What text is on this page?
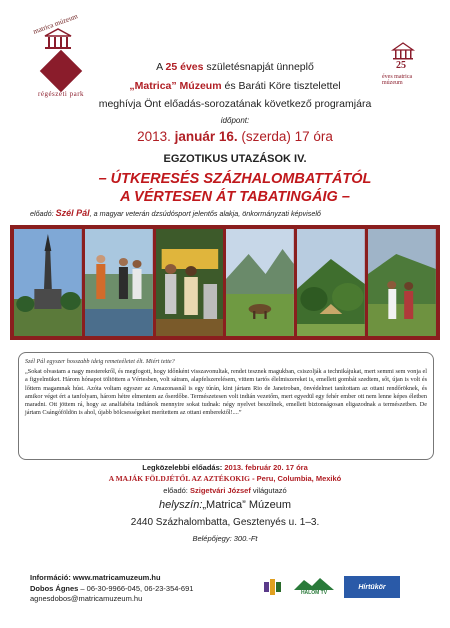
matrica múzeum
régészeti park
25
éves matrica múzeum
A 25 éves születésnapját ünneplő
„Matrica” Múzeum és Baráti Köre tisztelettel
meghívja Önt előadás-sorozatának következő programjára
időpont:
2013. január 16. (szerda) 17 óra
EGZOTIKUS UTAZÁSOK IV.
– ÚTKERESÉS SZÁZHALOMBATTÁTÓL
A VÉRTESEN ÁT TABATINGÁIG –
előadó: Szél Pál, a magyar veterán dzsúdósport jelentős alakja, önkormányzati képviselő
Szél Pál egyszer hosszabb ideig remeteéletet élt. Miért tette?
„Sokat olvastam a nagy mesterekről, és megfogott, hogy időnként visszavonultak, rendet tesznek magukban, csiszolják a technikájukat, mert semmi sem vonja el a figyelmüket. Három hónapot töltöttem a Vértesben, volt sátram, alapfelszerelésem, vittem tartós élelmiszereket is, emellett gombát szedtem, sőt, újan is volt és lőttem magamnak húst. Azóta voltam egyszer az Amazonasnál is egy túrán, kint jártam Rio de Janeiroban, önvédelmet tanítottam az ottani rendőröknek, és amikor véget ért a tanfolyam, három hétre elmentem az őserdőbe. Természetesen volt indián vezetőm, mert egyedül egy fehér ember ott nem lenne képes életben maradni. Ott jöttem rá, hogy az analfabéta indiánok mennyire sokat tudnak: négy nyelvet beszélnek, emellett biztonságosan eligazodnak a természetben. De jártam Csángóföldön is ahol, újabb bölcsességeket merítettem az ottani emberektől!....”
Legközelebbi előadás: 2013. február 20. 17 óra
A MAJÁK FÖLDJÉTŐL AZ AZTÉKOKIG - Peru, Columbia, Mexikó
előadó: Szigetvári József világutazó
helyszín:„Matrica” Múzeum
2440 Százhalombatta, Gesztenyés u. 1–3.
Belépőjegy: 300.-Ft
Információ: www.matricamuzeum.hu
Dobos Ágnes – 06-30-9966-045, 06-23-354-691
agnesdobos@matricamuzeum.hu
HALOM TV
Hírtükör
